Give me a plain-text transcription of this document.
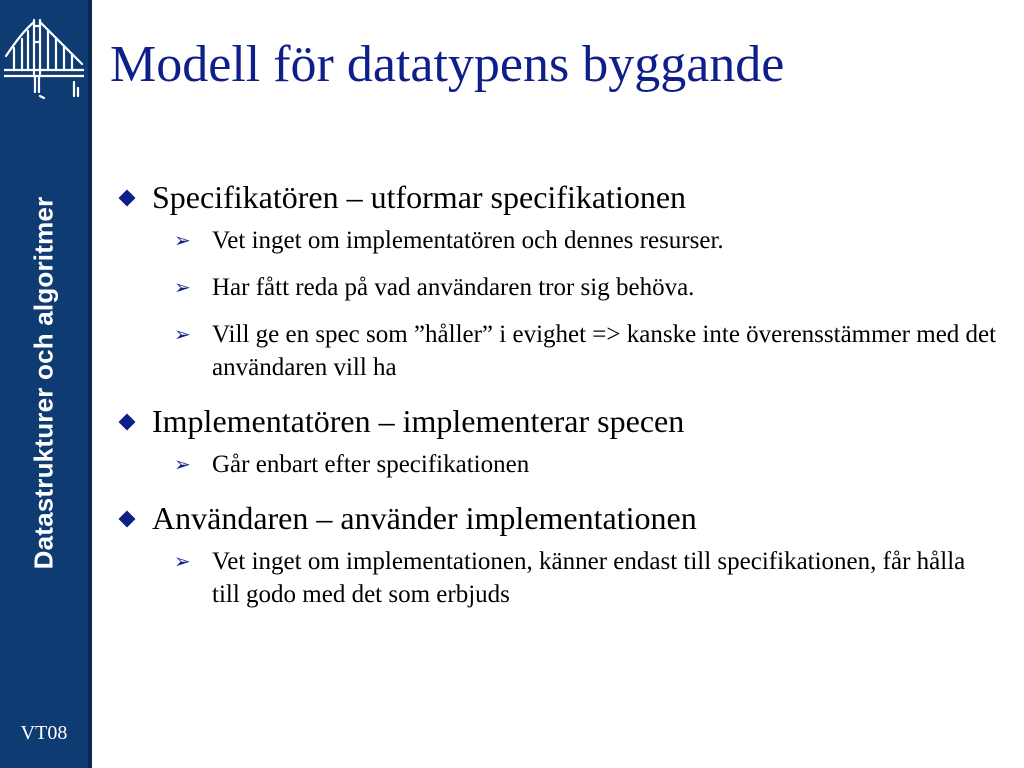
Datastrukturer och algoritmer
VT08
Modell för datatypens byggande
Specifikatören – utformar specifikationen
➢ Vet inget om implementatören och dennes resurser.
➢ Har fått reda på vad användaren tror sig behöva.
➢ Vill ge en spec som ”håller” i evighet => kanske inte överensstämmer med det användaren vill ha
Implementatören – implementerar specen
➢ Går enbart efter specifikationen
Användaren – använder implementationen
➢ Vet inget om implementationen, känner endast till specifikationen, får hålla till godo med det som erbjuds
